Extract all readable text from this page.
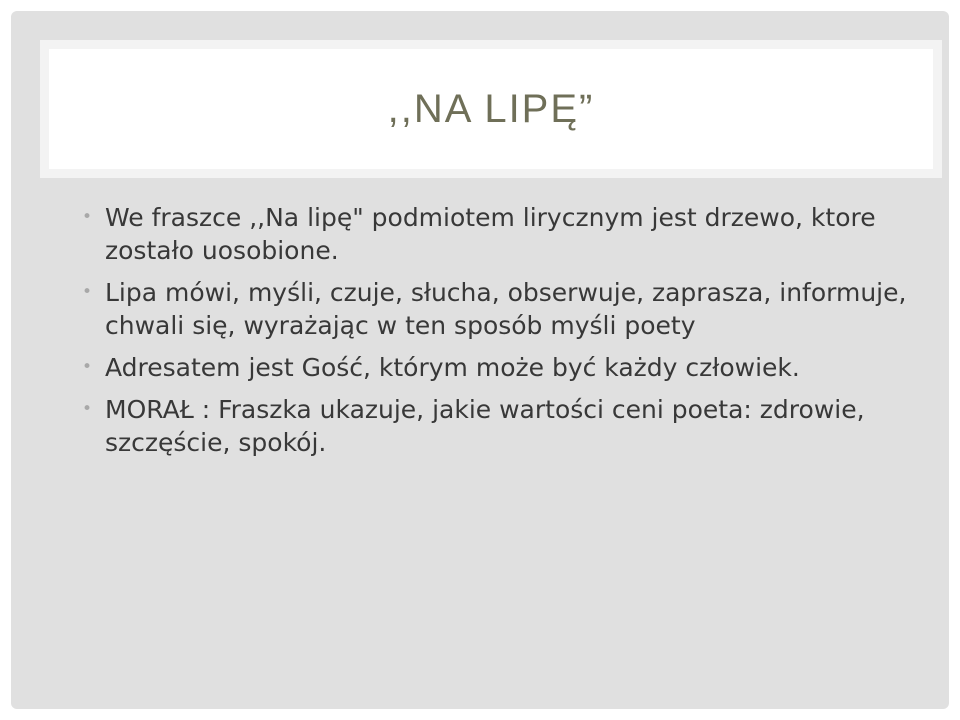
,,NA LIPĘ”
• We fraszce ,,Na lipę" podmiotem lirycznym jest drzewo, ktore zostało uosobione.
• Lipa mówi, myśli, czuje, słucha, obserwuje, zaprasza, informuje, chwali się, wyrażając w ten sposób myśli poety
• Adresatem jest Gość, którym może być każdy człowiek.
• MORAŁ : Fraszka ukazuje, jakie wartości ceni poeta: zdrowie, szczęście, spokój.
